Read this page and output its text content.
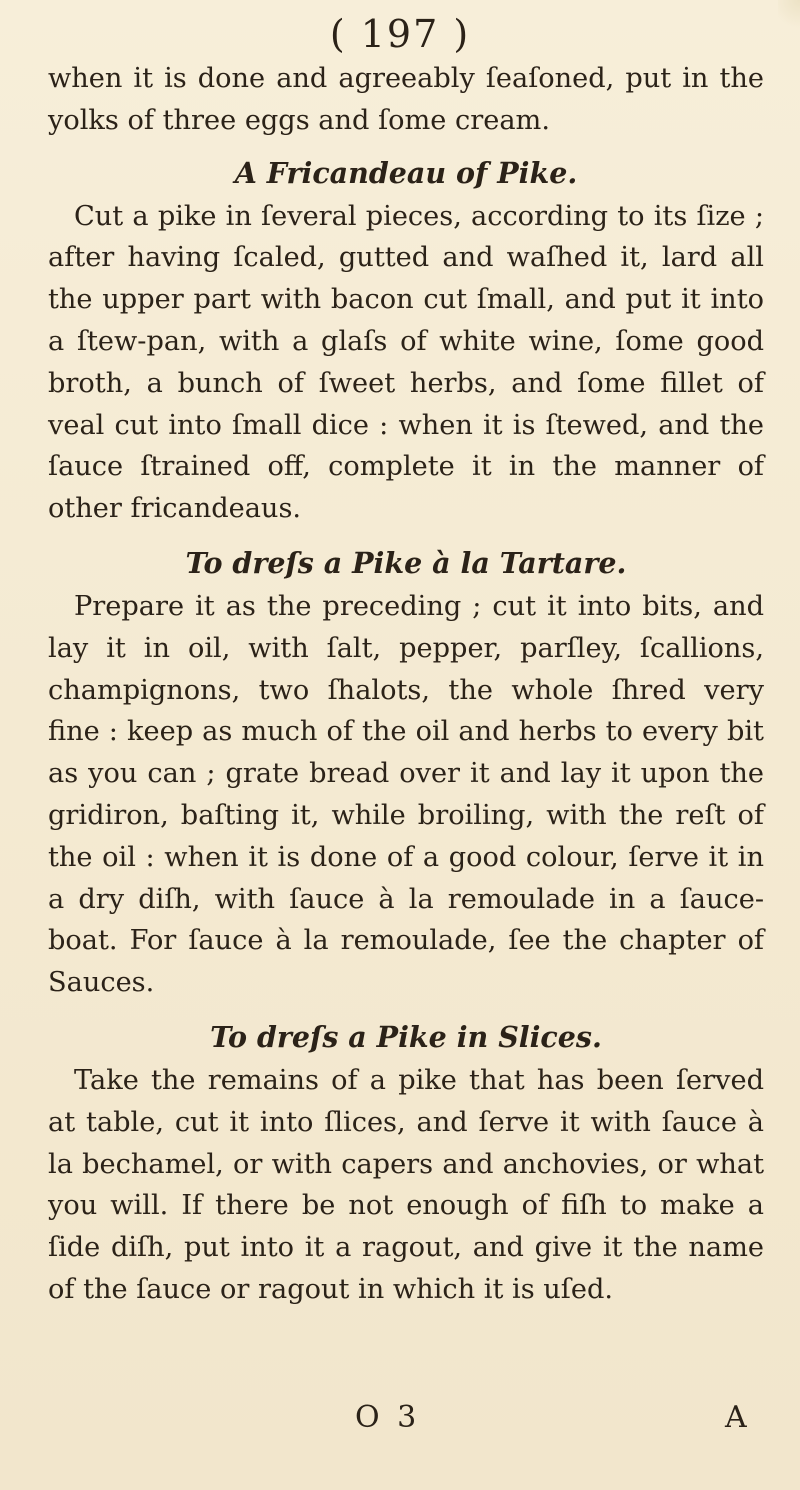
( 197 )

when it is done and agreeably ſeaſoned, put in the yolks of three eggs and ſome cream.

A Fricandeau of Pike.

Cut a pike in ſeveral pieces, according to its ſize ; after having ſcaled, gutted and waſhed it, lard all the upper part with bacon cut ſmall, and put it into a ſtew-pan, with a glaſs of white wine, ſome good broth, a bunch of ſweet herbs, and ſome fillet of veal cut into ſmall dice : when it is ſtewed, and the ſauce ſtrained off, complete it in the manner of other fricandeaus.

To dreſs a Pike à la Tartare.

Prepare it as the preceding ; cut it into bits, and lay it in oil, with ſalt, pepper, parſley, ſcallions, champignons, two ſhalots, the whole ſhred very fine : keep as much of the oil and herbs to every bit as you can ; grate bread over it and lay it upon the gridiron, baſting it, while broiling, with the reſt of the oil : when it is done of a good colour, ſerve it in a dry diſh, with ſauce à la remoulade in a ſauce-boat. For ſauce à la remoulade, ſee the chapter of Sauces.

To dreſs a Pike in Slices.

Take the remains of a pike that has been ſerved at table, cut it into ſlices, and ſerve it with ſauce à la bechamel, or with capers and anchovies, or what you will. If there be not enough of fiſh to make a ſide diſh, put into it a ragout, and give it the name of the ſauce or ragout in which it is uſed.

O 3	A
